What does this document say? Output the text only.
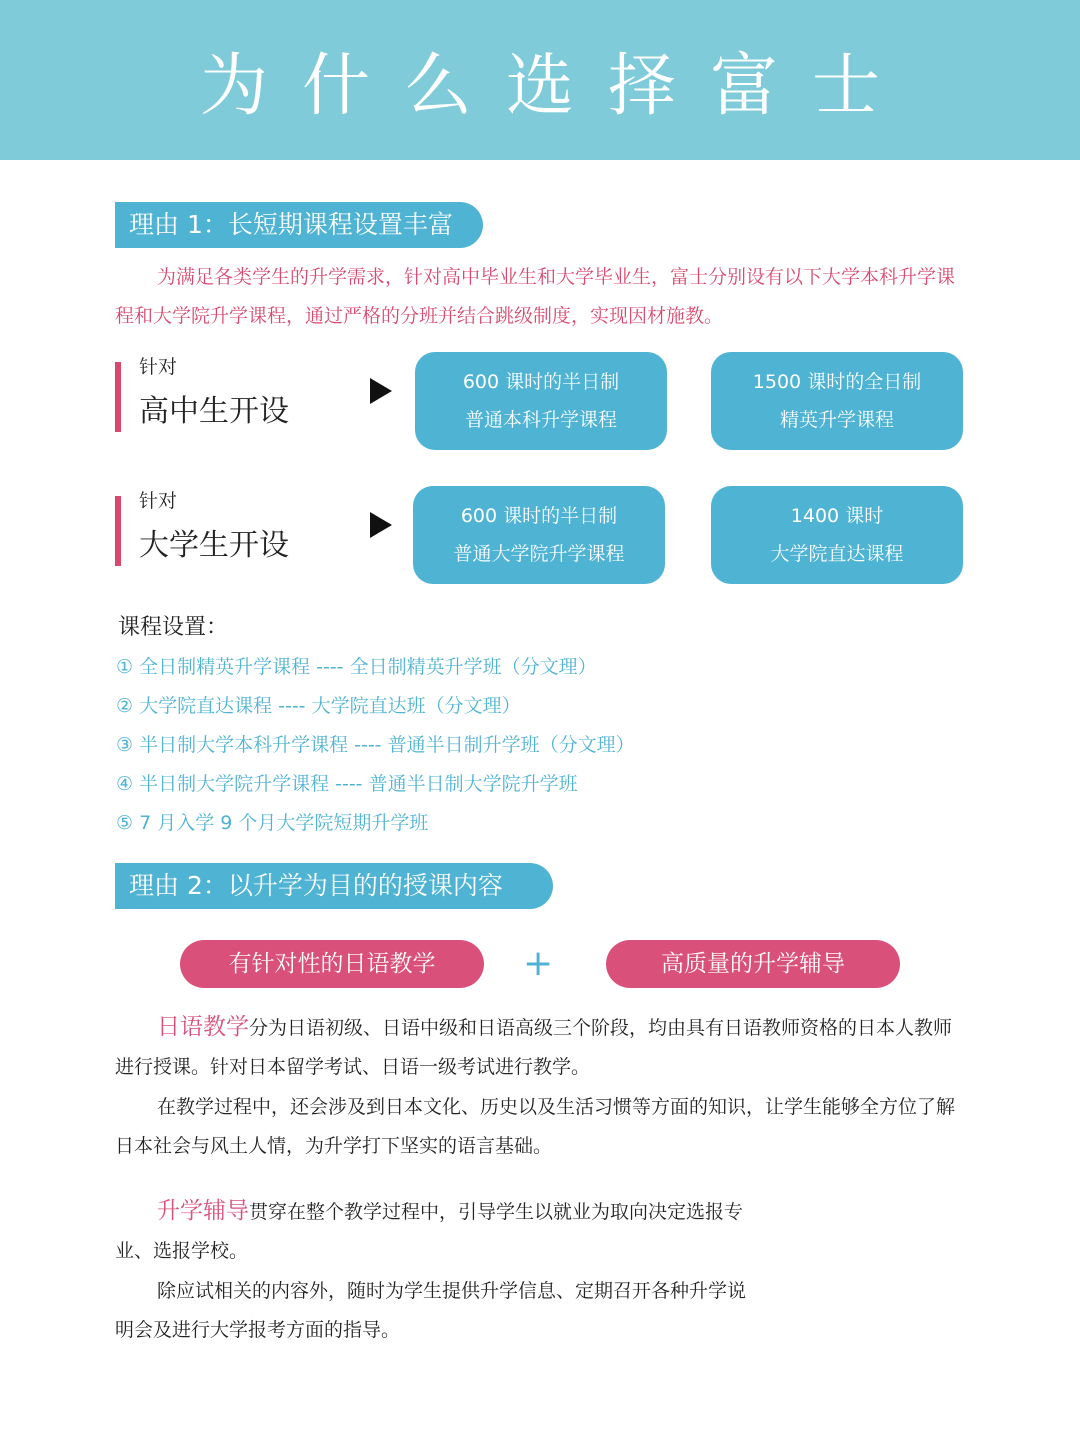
为什么选择富士
理由 1：长短期课程设置丰富
为满足各类学生的升学需求，针对高中毕业生和大学毕业生，富士分别设有以下大学本科升学课程和大学院升学课程，通过严格的分班并结合跳级制度，实现因材施教。
针对
高中生开设
600 课时的半日制
普通本科升学课程
1500 课时的全日制
精英升学课程
针对
大学生开设
600 课时的半日制
普通大学院升学课程
1400 课时
大学院直达课程
课程设置：
① 全日制精英升学课程 ---- 全日制精英升学班（分文理）
② 大学院直达课程 ---- 大学院直达班（分文理）
③ 半日制大学本科升学课程 ---- 普通半日制升学班（分文理）
④ 半日制大学院升学课程 ---- 普通半日制大学院升学班
⑤ 7 月入学 9 个月大学院短期升学班
理由 2：以升学为目的的授课内容
有针对性的日语教学	+	高质量的升学辅导
日语教学分为日语初级、日语中级和日语高级三个阶段，均由具有日语教师资格的日本人教师进行授课。针对日本留学考试、日语一级考试进行教学。
在教学过程中，还会涉及到日本文化、历史以及生活习惯等方面的知识，让学生能够全方位了解日本社会与风土人情，为升学打下坚实的语言基础。
升学辅导贯穿在整个教学过程中，引导学生以就业为取向决定选报专
业、选报学校。
除应试相关的内容外，随时为学生提供升学信息、定期召开各种升学说
明会及进行大学报考方面的指导。
